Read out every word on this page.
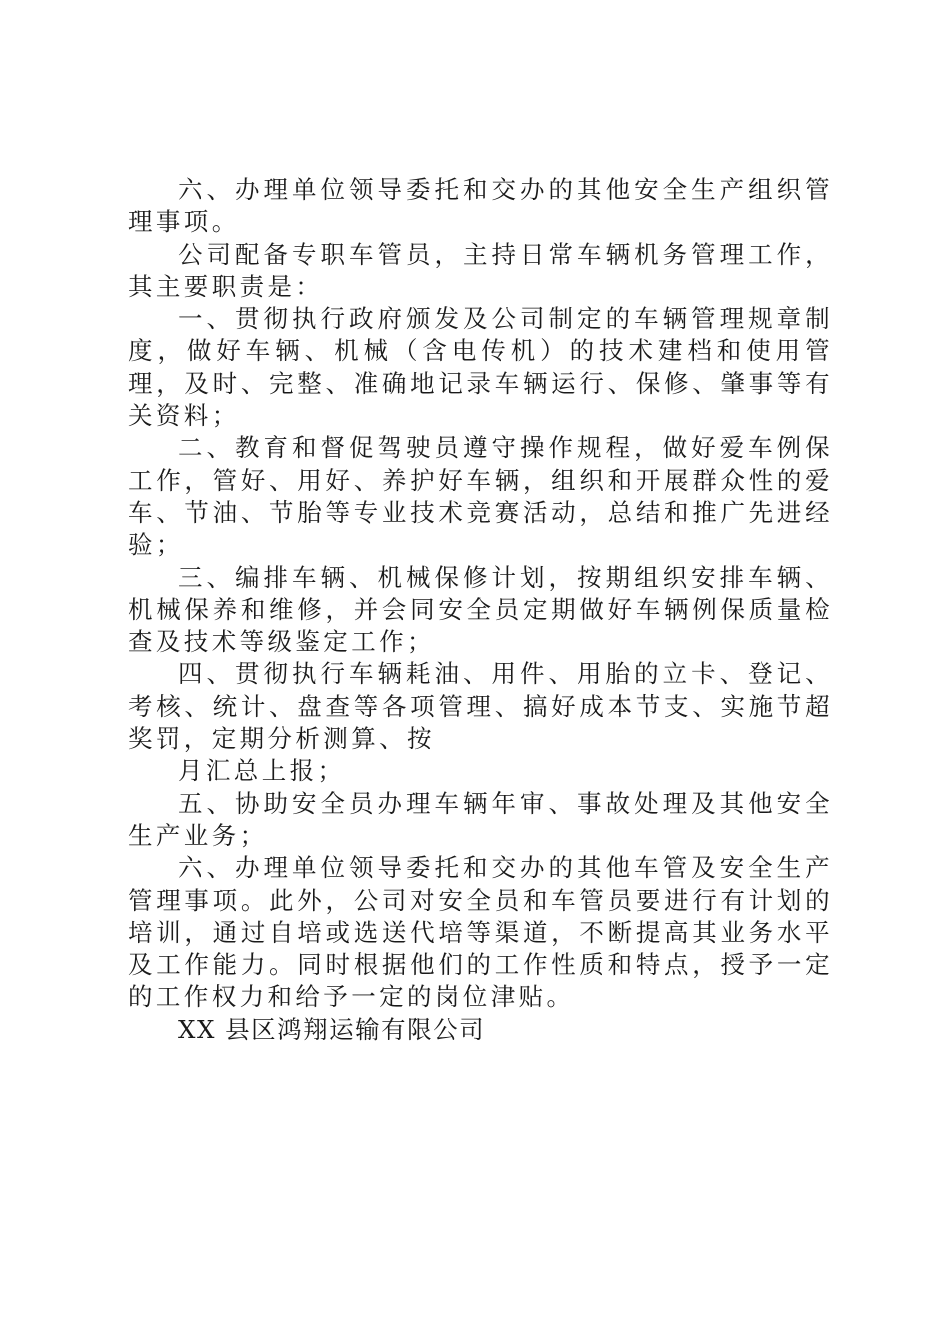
六、办理单位领导委托和交办的其他安全生产组织管理事项。

公司配备专职车管员，主持日常车辆机务管理工作，其主要职责是：

一、贯彻执行政府颁发及公司制定的车辆管理规章制度，做好车辆、机械（含电传机）的技术建档和使用管理，及时、完整、准确地记录车辆运行、保修、肇事等有关资料；

二、教育和督促驾驶员遵守操作规程，做好爱车例保工作，管好、用好、养护好车辆，组织和开展群众性的爱车、节油、节胎等专业技术竞赛活动，总结和推广先进经验；

三、编排车辆、机械保修计划，按期组织安排车辆、机械保养和维修，并会同安全员定期做好车辆例保质量检查及技术等级鉴定工作；

四、贯彻执行车辆耗油、用件、用胎的立卡、登记、考核、统计、盘查等各项管理、搞好成本节支、实施节超奖罚，定期分析测算、按

月汇总上报；

五、协助安全员办理车辆年审、事故处理及其他安全生产业务；

六、办理单位领导委托和交办的其他车管及安全生产管理事项。此外，公司对安全员和车管员要进行有计划的培训，通过自培或选送代培等渠道，不断提高其业务水平及工作能力。同时根据他们的工作性质和特点，授予一定的工作权力和给予一定的岗位津贴。

XX 县区鸿翔运输有限公司
